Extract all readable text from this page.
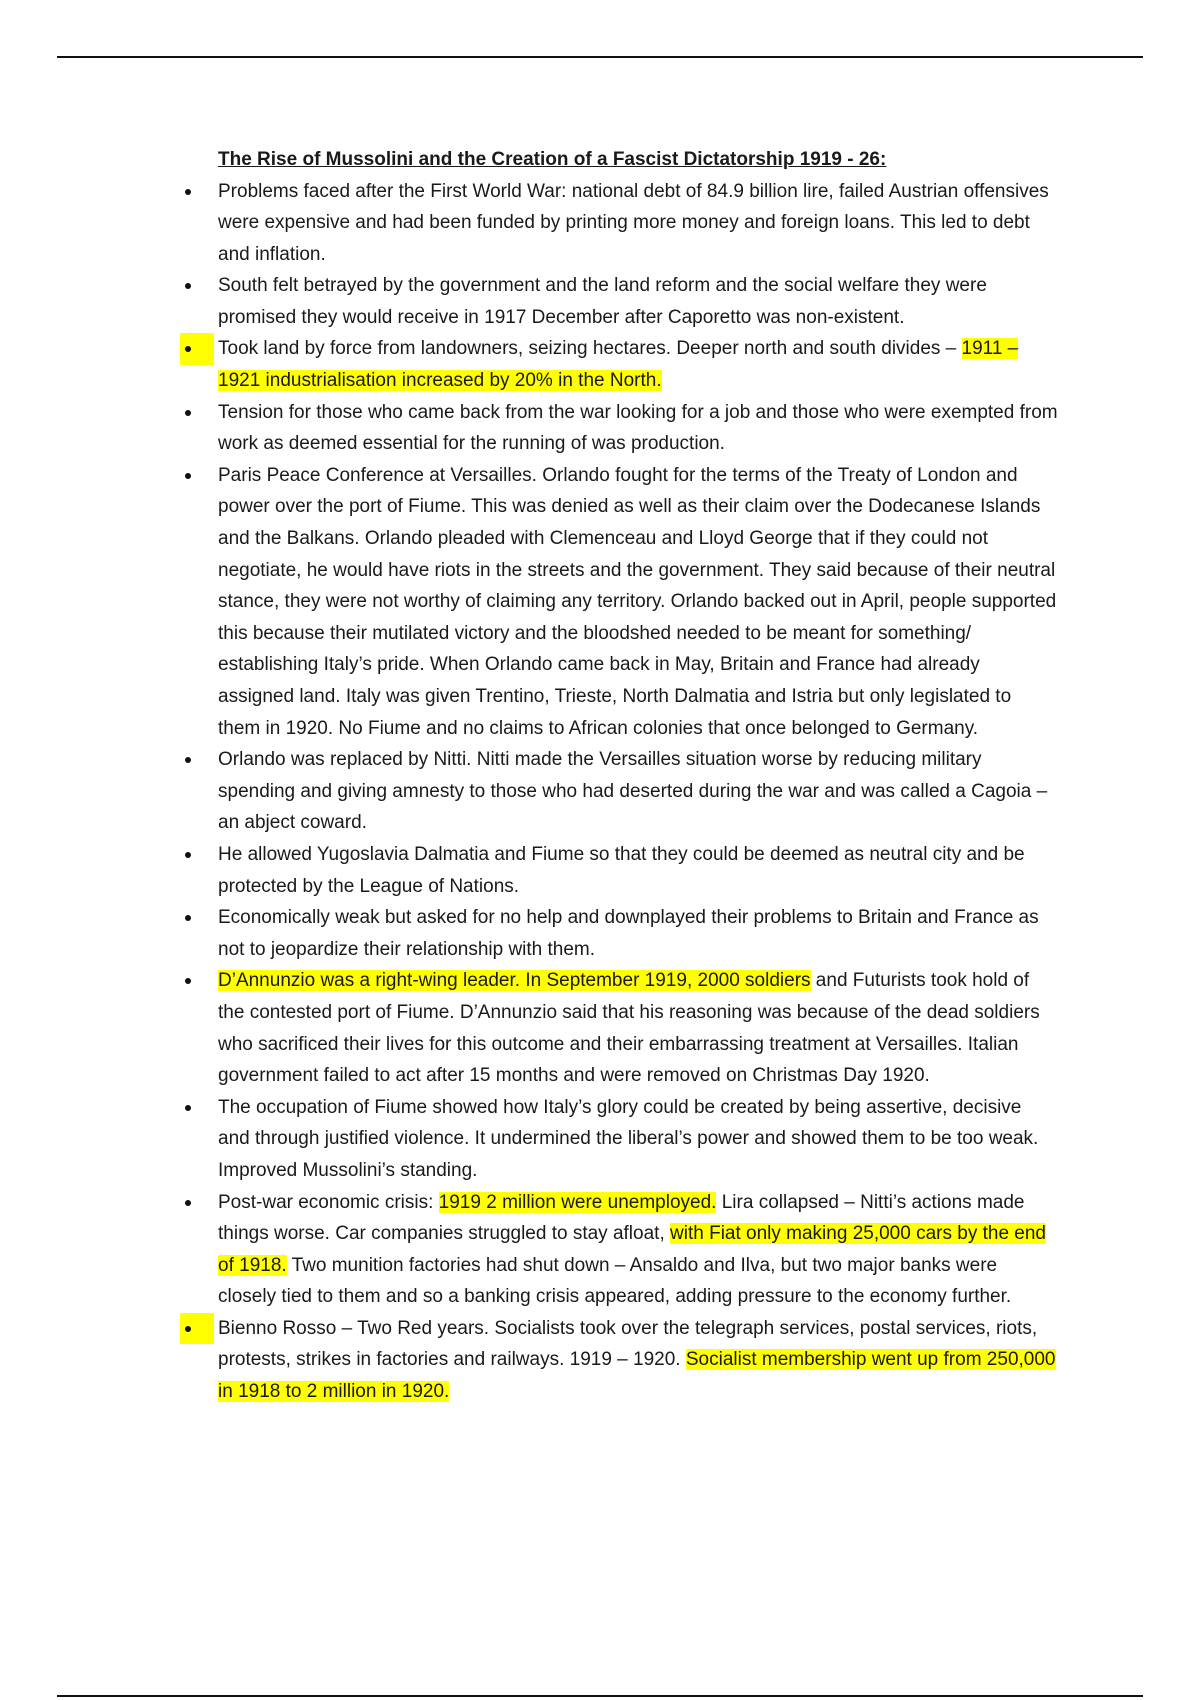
The Rise of Mussolini and the Creation of a Fascist Dictatorship 1919 - 26:
Problems faced after the First World War: national debt of 84.9 billion lire, failed Austrian offensives were expensive and had been funded by printing more money and foreign loans. This led to debt and inflation.
South felt betrayed by the government and the land reform and the social welfare they were promised they would receive in 1917 December after Caporetto was non-existent.
Took land by force from landowners, seizing hectares. Deeper north and south divides – 1911 – 1921 industrialisation increased by 20% in the North.
Tension for those who came back from the war looking for a job and those who were exempted from work as deemed essential for the running of was production.
Paris Peace Conference at Versailles. Orlando fought for the terms of the Treaty of London and power over the port of Fiume. This was denied as well as their claim over the Dodecanese Islands and the Balkans. Orlando pleaded with Clemenceau and Lloyd George that if they could not negotiate, he would have riots in the streets and the government. They said because of their neutral stance, they were not worthy of claiming any territory. Orlando backed out in April, people supported this because their mutilated victory and the bloodshed needed to be meant for something/ establishing Italy’s pride. When Orlando came back in May, Britain and France had already assigned land. Italy was given Trentino, Trieste, North Dalmatia and Istria but only legislated to them in 1920. No Fiume and no claims to African colonies that once belonged to Germany.
Orlando was replaced by Nitti. Nitti made the Versailles situation worse by reducing military spending and giving amnesty to those who had deserted during the war and was called a Cagoia – an abject coward.
He allowed Yugoslavia Dalmatia and Fiume so that they could be deemed as neutral city and be protected by the League of Nations.
Economically weak but asked for no help and downplayed their problems to Britain and France as not to jeopardize their relationship with them.
D’Annunzio was a right-wing leader. In September 1919, 2000 soldiers and Futurists took hold of the contested port of Fiume. D’Annunzio said that his reasoning was because of the dead soldiers who sacrificed their lives for this outcome and their embarrassing treatment at Versailles. Italian government failed to act after 15 months and were removed on Christmas Day 1920.
The occupation of Fiume showed how Italy’s glory could be created by being assertive, decisive and through justified violence. It undermined the liberal’s power and showed them to be too weak. Improved Mussolini’s standing.
Post-war economic crisis: 1919 2 million were unemployed. Lira collapsed – Nitti’s actions made things worse. Car companies struggled to stay afloat, with Fiat only making 25,000 cars by the end of 1918. Two munition factories had shut down – Ansaldo and Ilva, but two major banks were closely tied to them and so a banking crisis appeared, adding pressure to the economy further.
Bienno Rosso – Two Red years. Socialists took over the telegraph services, postal services, riots, protests, strikes in factories and railways. 1919 – 1920. Socialist membership went up from 250,000 in 1918 to 2 million in 1920.
